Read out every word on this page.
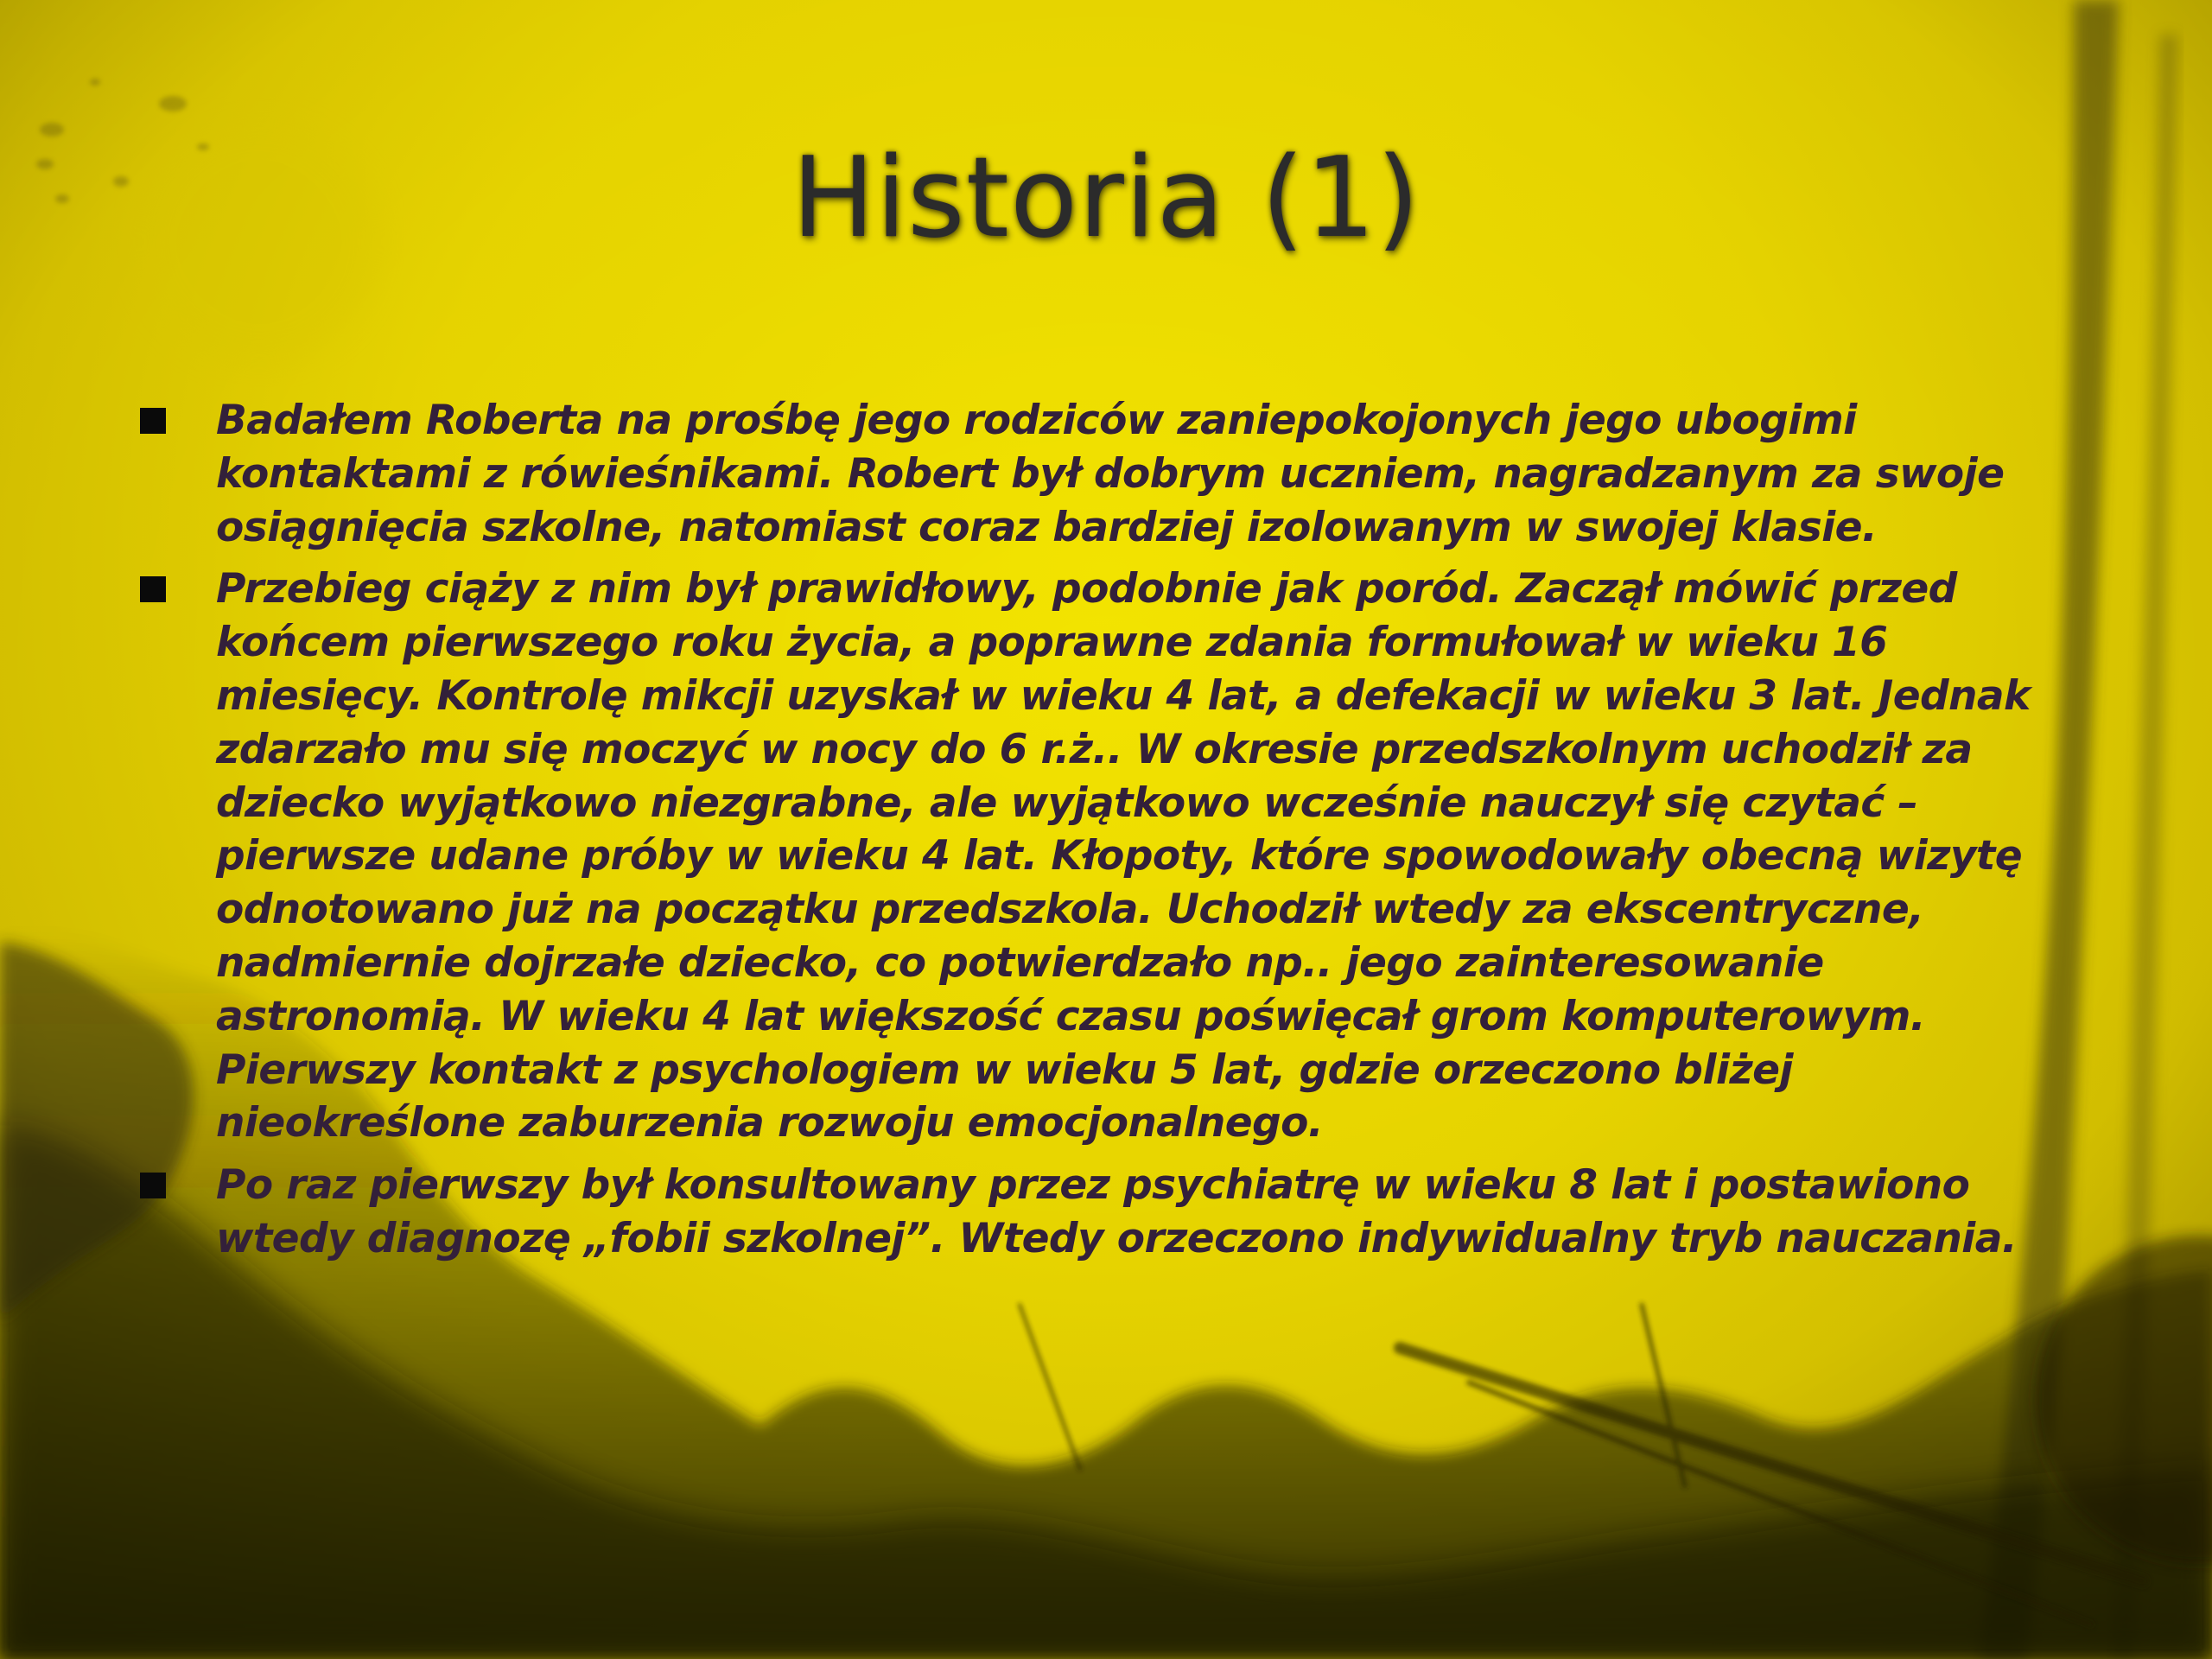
Historia (1)
Badałem Roberta na prośbę jego rodziców zaniepokojonych jego ubogimi kontaktami z rówieśnikami. Robert był dobrym uczniem, nagradzanym za swoje osiągnięcia szkolne, natomiast coraz bardziej izolowanym w swojej klasie.
Przebieg ciąży z nim był prawidłowy, podobnie jak poród. Zaczął mówić przed końcem pierwszego roku życia, a poprawne zdania formułował w wieku 16 miesięcy. Kontrolę mikcji uzyskał w wieku 4 lat, a defekacji w wieku 3 lat. Jednak zdarzało mu się moczyć w nocy do 6 r.ż.. W okresie przedszkolnym uchodził za dziecko wyjątkowo niezgrabne, ale wyjątkowo wcześnie nauczył się czytać – pierwsze udane próby w wieku 4 lat. Kłopoty, które spowodowały obecną wizytę odnotowano już na początku przedszkola. Uchodził wtedy za ekscentryczne, nadmiernie dojrzałe dziecko, co potwierdzało np.. jego zainteresowanie astronomią. W wieku 4 lat większość czasu poświęcał grom komputerowym. Pierwszy kontakt z psychologiem w wieku 5 lat, gdzie orzeczono bliżej nieokreślone zaburzenia rozwoju emocjonalnego.
Po raz pierwszy był konsultowany przez psychiatrę w wieku 8 lat i postawiono wtedy diagnozę „fobii szkolnej”. Wtedy orzeczono indywidualny tryb nauczania.
